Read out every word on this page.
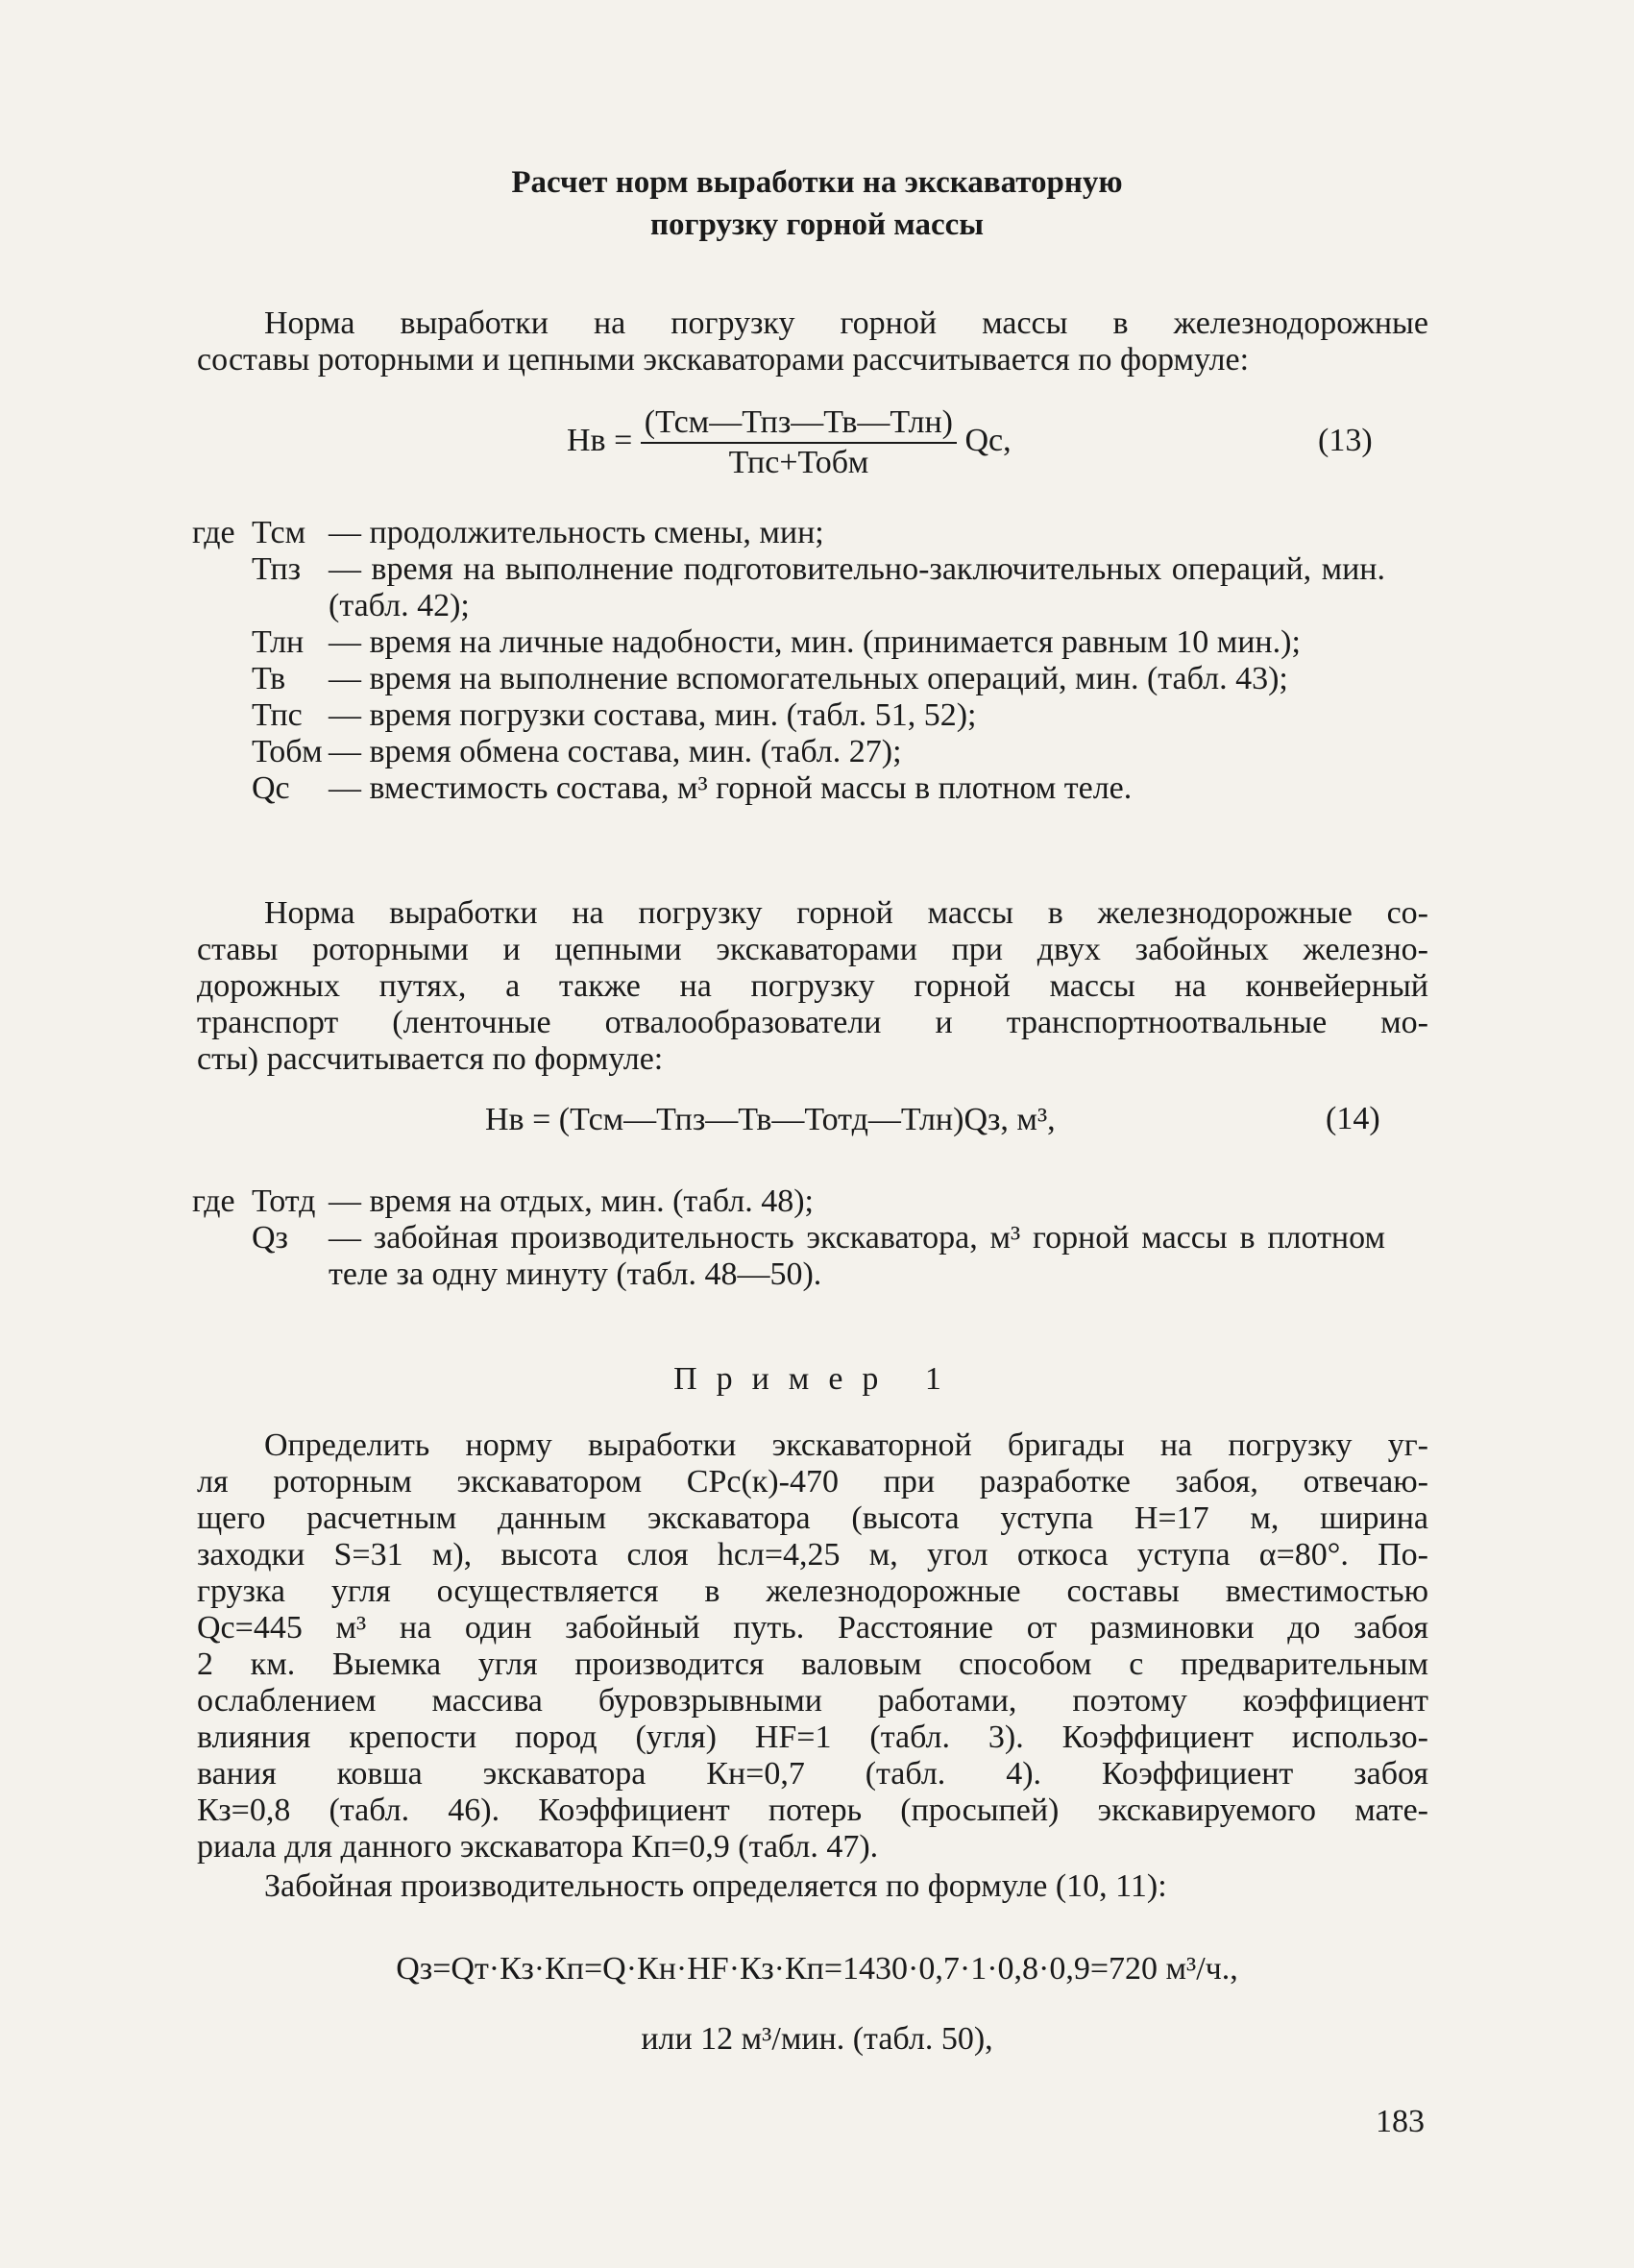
Расчет норм выработки на экскаваторную
погрузку горной массы
Норма выработки на погрузку горной массы в железнодорожные
составы роторными и цепными экскаваторами рассчитывается по формуле:
Нв = $\frac{\text{(Тсм—Тпз—Тв—Тлн)}}{\text{Тпс+Тобм}}$ Qс,	(13)
где	Тсм	— продолжительность смены, мин;
	Тпз	— время на выполнение подготовительно-заключительных операций, мин. (табл. 42);
	Тлн	— время на личные надобности, мин. (принимается равным 10 мин.);
	Тв	— время на выполнение вспомогательных операций, мин. (табл. 43);
	Тпс	— время погрузки состава, мин. (табл. 51, 52);
	Тобм	— время обмена состава, мин. (табл. 27);
	Qс	— вместимость состава, м³ горной массы в плотном теле.
Норма выработки на погрузку горной массы в железнодорожные со-
ставы роторными и цепными экскаваторами при двух забойных железно-
дорожных путях, а также на погрузку горной массы на конвейерный
транспорт (ленточные отвалообразователи и транспортноотвальные мо-
сты) рассчитывается по формуле:
Нв = (Тсм—Тпз—Тв—Тотд—Тлн)Qз, м³,	(14)
где	Тотд	— время на отдых, мин. (табл. 48);
	Qз	— забойная производительность экскаватора, м³ горной массы в плотном теле за одну минуту (табл. 48—50).
Пример 1
Определить норму выработки экскаваторной бригады на погрузку уг-
ля роторным экскаватором СРс(к)-470 при разработке забоя, отвечаю-
щего расчетным данным экскаватора (высота уступа Н=17 м, ширина
заходки S=31 м), высота слоя hсл=4,25 м, угол откоса уступа α=80°. По-
грузка угля осуществляется в железнодорожные составы вместимостью
Qс=445 м³ на один забойный путь. Расстояние от разминовки до забоя
2 км. Выемка угля производится валовым способом с предварительным
ослаблением массива буровзрывными работами, поэтому коэффициент
влияния крепости пород (угля) НF=1 (табл. 3). Коэффициент использо-
вания ковша экскаватора Кн=0,7 (табл. 4). Коэффициент забоя
Кз=0,8 (табл. 46). Коэффициент потерь (просыпей) экскавируемого мате-
риала для данного экскаватора Кп=0,9 (табл. 47).
Забойная производительность определяется по формуле (10, 11):
Qз=Qт·Кз·Кп=Q·Кн·НF·Кз·Кп=1430·0,7·1·0,8·0,9=720 м³/ч.,
или 12 м³/мин. (табл. 50),
183
